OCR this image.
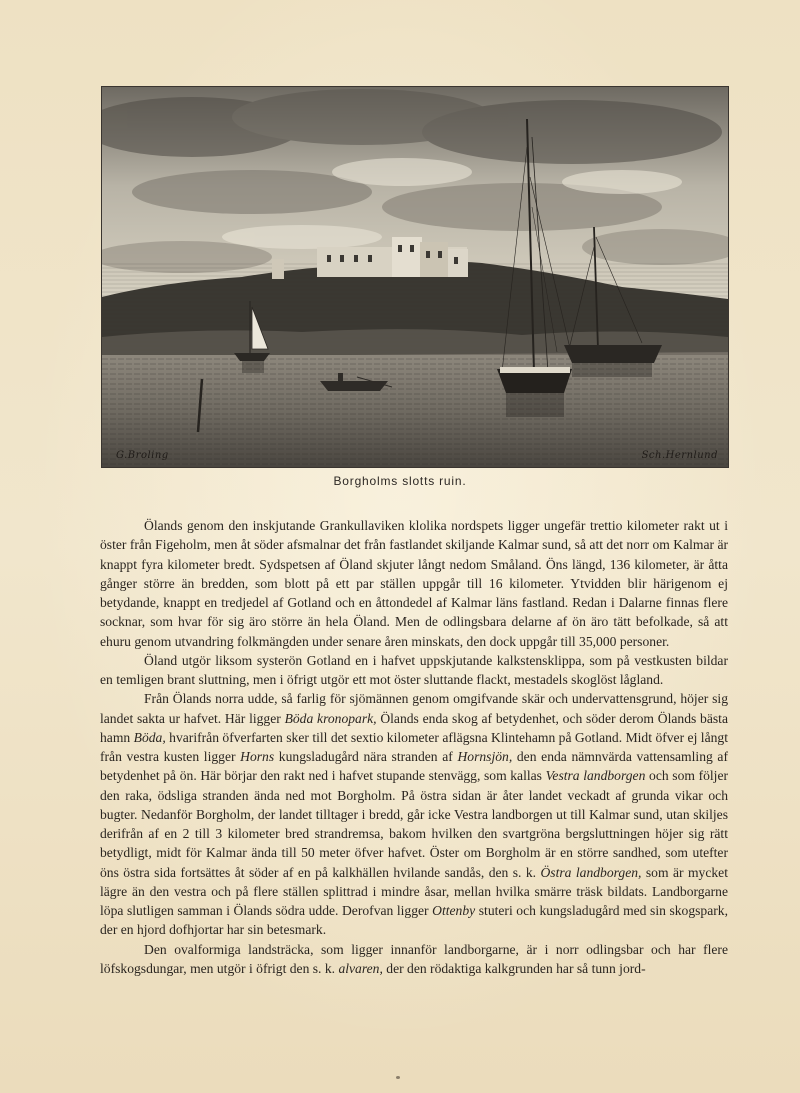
G.Broling	Sch.Hernlund
Borgholms slotts ruin.

Ölands genom den inskjutande Grankullaviken klolika nordspets ligger ungefär trettio kilometer rakt ut i öster från Figeholm, men åt söder afsmalnar det från fastlandet skiljande Kalmar sund, så att det norr om Kalmar är knappt fyra kilometer bredt. Sydspetsen af Öland skjuter långt nedom Småland. Öns längd, 136 kilometer, är åtta gånger större än bredden, som blott på ett par ställen uppgår till 16 kilometer. Ytvidden blir härigenom ej betydande, knappt en tredjedel af Gotland och en åttondedel af Kalmar läns fastland. Redan i Dalarne finnas flere socknar, som hvar för sig äro större än hela Öland. Men de odlingsbara delarne af ön äro tätt befolkade, så att ehuru genom utvandring folkmängden under senare åren minskats, den dock uppgår till 35,000 personer.

Öland utgör liksom systerön Gotland en i hafvet uppskjutande kalkstensklippa, som på vestkusten bildar en temligen brant sluttning, men i öfrigt utgör ett mot öster sluttande flackt, mestadels skoglöst lågland.

Från Ölands norra udde, så farlig för sjömännen genom omgifvande skär och undervattensgrund, höjer sig landet sakta ur hafvet. Här ligger Böda kronopark, Ölands enda skog af betydenhet, och söder derom Ölands bästa hamn Böda, hvarifrån öfverfarten sker till det sextio kilometer aflägsna Klintehamn på Gotland. Midt öfver ej långt från vestra kusten ligger Horns kungsladugård nära stranden af Hornsjön, den enda nämnvärda vattensamling af betydenhet på ön. Här börjar den rakt ned i hafvet stupande stenvägg, som kallas Vestra landborgen och som följer den raka, ödsliga stranden ända ned mot Borgholm. På östra sidan är åter landet veckadt af grunda vikar och bugter. Nedanför Borgholm, der landet tilltager i bredd, går icke Vestra landborgen ut till Kalmar sund, utan skiljes derifrån af en 2 till 3 kilometer bred strandremsa, bakom hvilken den svartgröna bergsluttningen höjer sig rätt betydligt, midt för Kalmar ända till 50 meter öfver hafvet. Öster om Borgholm är en större sandhed, som utefter öns östra sida fortsättes åt söder af en på kalkhällen hvilande sandås, den s. k. Östra landborgen, som är mycket lägre än den vestra och på flere ställen splittrad i mindre åsar, mellan hvilka smärre träsk bildats. Landborgarne löpa slutligen samman i Ölands södra udde. Derofvan ligger Ottenby stuteri och kungsladugård med sin skogspark, der en hjord dofhjortar har sin betesmark.

Den ovalformiga landsträcka, som ligger innanför landborgarne, är i norr odlingsbar och har flere löfskogsdungar, men utgör i öfrigt den s. k. alvaren, der den rödaktiga kalkgrunden har så tunn jord-
